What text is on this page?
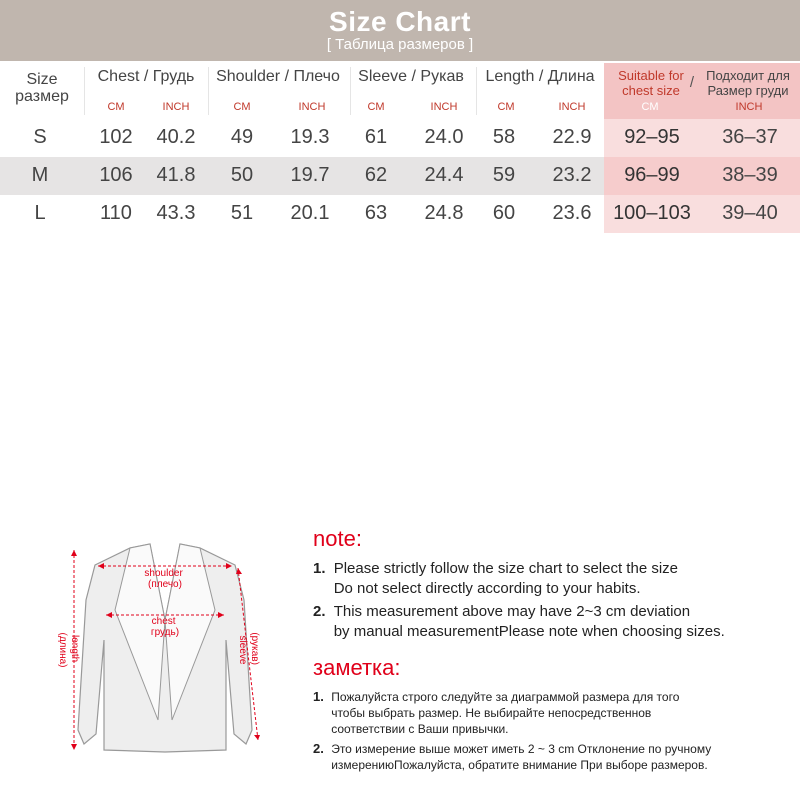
Size Chart
[ Таблица размеров ]
Size
размер
Chest / Грудь
CM	INCH
Shoulder / Плечо
CM	INCH
Sleeve / Рукав
CM	INCH
Length / Длина
CM	INCH
Suitable for
chest size / Подходит для
Размер груди
CM	INCH
S	102	40.2	49	19.3	61	24.0	58	22.9	92–95	36–37
M	106	41.8	50	19.7	62	24.4	59	23.2	96–99	38–39
L	110	43.3	51	20.1	63	24.8	60	23.6	100–103	39–40
shoulder (плечо)
chest грудь)
length (длина)	(рукав) sleeve
note:
1. Please strictly follow the size chart to select the size
Do not select directly according to your habits.
2. This measurement above may have 2~3 cm deviation
by manual measurementPlease note when choosing sizes.
заметка:
1. Пожалуйста строго следуйте за диаграммой размера для того
чтобы выбрать размер. Не выбирайте непосредственнов
соответствии с Ваши привычки.
2. Это измерение выше может иметь 2 ~ 3 cm Отклонение по ручному
измерениюПожалуйста, обратите внимание При выборе размеров.
